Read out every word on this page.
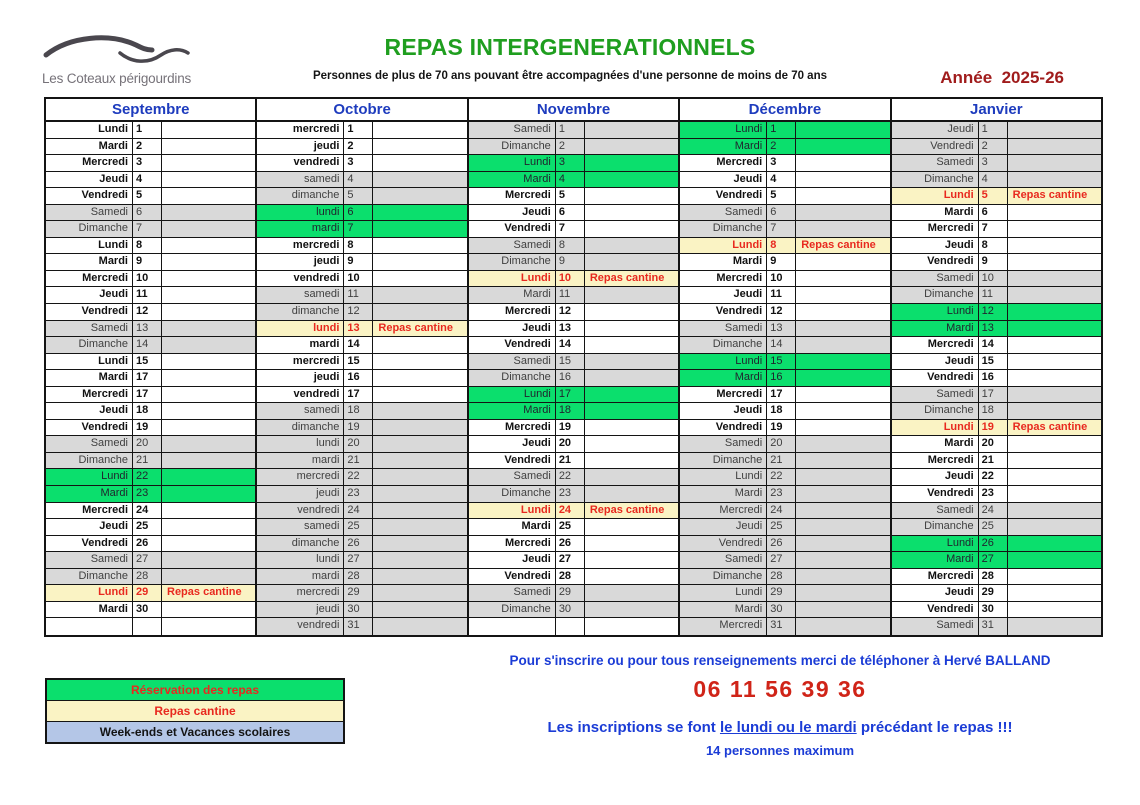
Les Coteaux périgourdins
REPAS INTERGENERATIONNELS
Personnes de plus de 70 ans pouvant être accompagnées d'une personne de moins de 70 ans	Année  2025-26
Septembre
Lundi 1
Mardi 2
Mercredi 3
Jeudi 4
Vendredi 5
Samedi 6
Dimanche 7
Lundi 8
Mardi 9
Mercredi 10
Jeudi 11
Vendredi 12
Samedi 13
Dimanche 14
Lundi 15
Mardi 17
Mercredi 17
Jeudi 18
Vendredi 19
Samedi 20
Dimanche 21
Lundi 22
Mardi 23
Mercredi 24
Jeudi 25
Vendredi 26
Samedi 27
Dimanche 28
Lundi 29	Repas cantine
Mardi 30
Octobre
mercredi 1
jeudi 2
vendredi 3
samedi 4
dimanche 5
lundi 6
mardi 7
mercredi 8
jeudi 9
vendredi 10
samedi 11
dimanche 12
lundi 13	Repas cantine
mardi 14
mercredi 15
jeudi 16
vendredi 17
samedi 18
dimanche 19
lundi 20
mardi 21
mercredi 22
jeudi 23
vendredi 24
samedi 25
dimanche 26
lundi 27
mardi 28
mercredi 29
jeudi 30
vendredi 31
Novembre
Samedi 1
Dimanche 2
Lundi 3
Mardi 4
Mercredi 5
Jeudi 6
Vendredi 7
Samedi 8
Dimanche 9
Lundi 10	Repas cantine
Mardi 11
Mercredi 12
Jeudi 13
Vendredi 14
Samedi 15
Dimanche 16
Lundi 17
Mardi 18
Mercredi 19
Jeudi 20
Vendredi 21
Samedi 22
Dimanche 23
Lundi 24	Repas cantine
Mardi 25
Mercredi 26
Jeudi 27
Vendredi 28
Samedi 29
Dimanche 30
Décembre
Lundi 1
Mardi 2
Mercredi 3
Jeudi 4
Vendredi 5
Samedi 6
Dimanche 7
Lundi 8	Repas cantine
Mardi 9
Mercredi 10
Jeudi 11
Vendredi 12
Samedi 13
Dimanche 14
Lundi 15
Mardi 16
Mercredi 17
Jeudi 18
Vendredi 19
Samedi 20
Dimanche 21
Lundi 22
Mardi 23
Mercredi 24
Jeudi 25
Vendredi 26
Samedi 27
Dimanche 28
Lundi 29
Mardi 30
Mercredi 31
Janvier
Jeudi 1
Vendredi 2
Samedi 3
Dimanche 4
Lundi 5	Repas cantine
Mardi 6
Mercredi 7
Jeudi 8
Vendredi 9
Samedi 10
Dimanche 11
Lundi 12
Mardi 13
Mercredi 14
Jeudi 15
Vendredi 16
Samedi 17
Dimanche 18
Lundi 19	Repas cantine
Mardi 20
Mercredi 21
Jeudi 22
Vendredi 23
Samedi 24
Dimanche 25
Lundi 26
Mardi 27
Mercredi 28
Jeudi 29
Vendredi 30
Samedi 31
Réservation des repas
Repas cantine
Week-ends et Vacances scolaires
Pour s'inscrire ou pour tous renseignements merci de téléphoner à Hervé BALLAND
06 11 56 39 36
Les inscriptions se font le lundi ou le mardi précédant le repas !!!
14 personnes maximum
